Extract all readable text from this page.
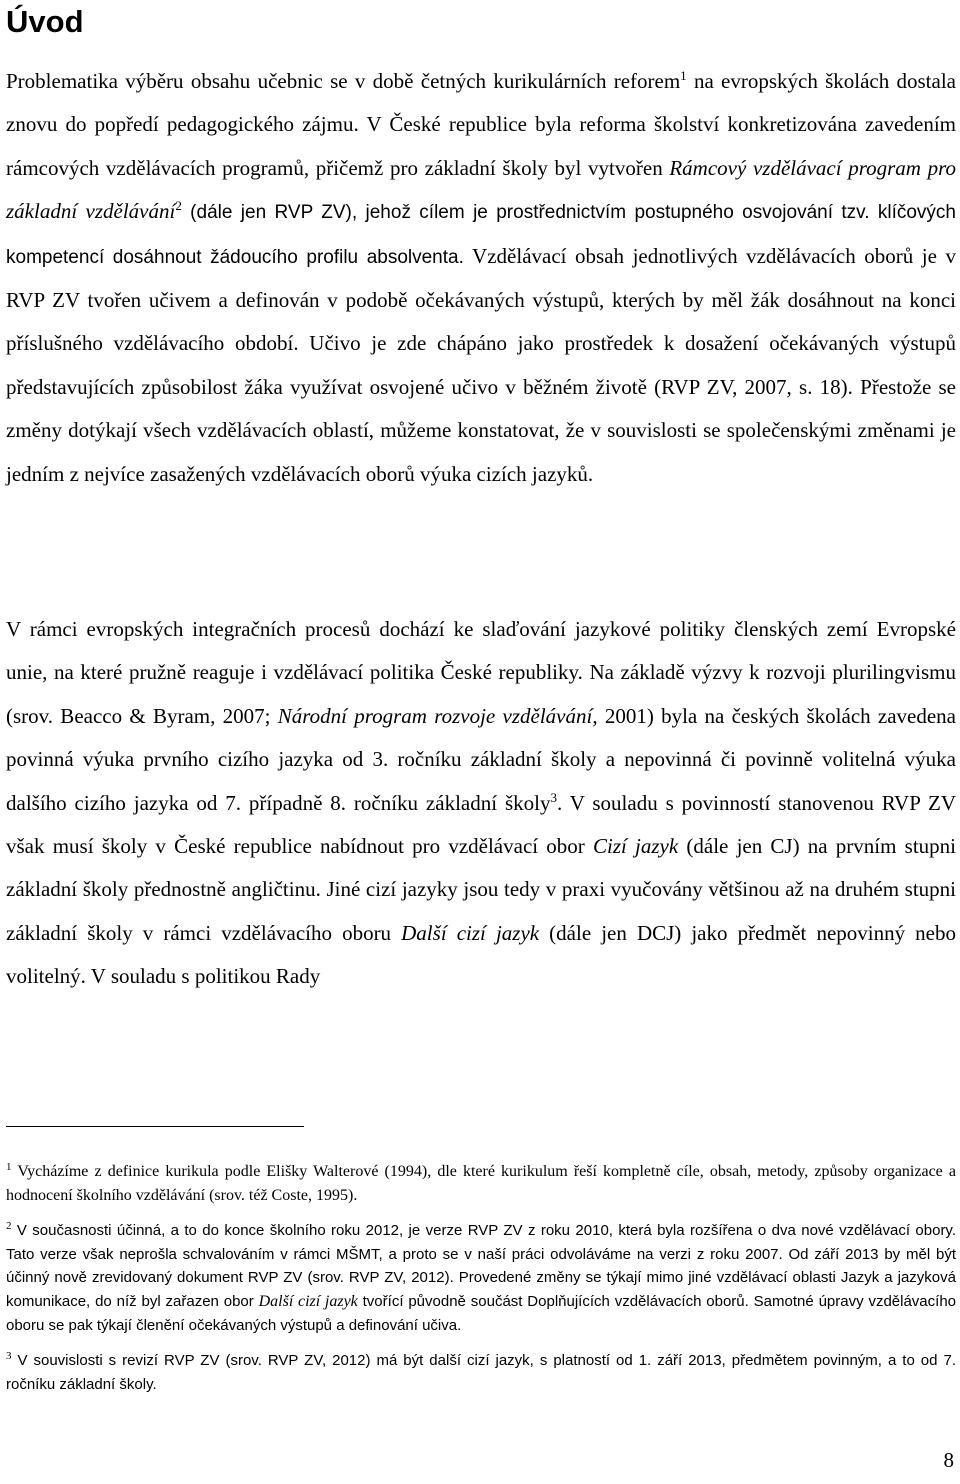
Úvod

Problematika výběru obsahu učebnic se v době četných kurikulárních reforem$^1$ na evropských školách dostala znovu do popředí pedagogického zájmu. V České republice byla reforma školství konkretizována zavedením rámcových vzdělávacích programů, přičemž pro základní školy byl vytvořen Rámcový vzdělávací program pro základní vzdělávání$^2$ (dále jen RVP ZV), jehož cílem je prostřednictvím postupného osvojování tzv. klíčových kompetencí dosáhnout žádoucího profilu absolventa. Vzdělávací obsah jednotlivých vzdělávacích oborů je v RVP ZV tvořen učivem a definován v podobě očekávaných výstupů, kterých by měl žák dosáhnout na konci příslušného vzdělávacího období. Učivo je zde chápáno jako prostředek k dosažení očekávaných výstupů představujících způsobilost žáka využívat osvojené učivo v běžném životě (RVP ZV, 2007, s. 18). Přestože se změny dotýkají všech vzdělávacích oblastí, můžeme konstatovat, že v souvislosti se společenskými změnami je jedním z nejvíce zasažených vzdělávacích oborů výuka cizích jazyků.

V rámci evropských integračních procesů dochází ke slaďování jazykové politiky členských zemí Evropské unie, na které pružně reaguje i vzdělávací politika České republiky. Na základě výzvy k rozvoji plurilingvismu (srov. Beacco & Byram, 2007; Národní program rozvoje vzdělávání, 2001) byla na českých školách zavedena povinná výuka prvního cizího jazyka od 3. ročníku základní školy a nepovinná či povinně volitelná výuka dalšího cizího jazyka od 7. případně 8. ročníku základní školy$^3$. V souladu s povinností stanovenou RVP ZV však musí školy v České republice nabídnout pro vzdělávací obor Cizí jazyk (dále jen CJ) na prvním stupni základní školy přednostně angličtinu. Jiné cizí jazyky jsou tedy v praxi vyučovány většinou až na druhém stupni základní školy v rámci vzdělávacího oboru Další cizí jazyk (dále jen DCJ) jako předmět nepovinný nebo volitelný. V souladu s politikou Rady

$^1$ Vycházíme z definice kurikula podle Elišky Walterové (1994), dle které kurikulum řeší kompletně cíle, obsah, metody, způsoby organizace a hodnocení školního vzdělávání (srov. též Coste, 1995).

$^2$ V současnosti účinná, a to do konce školního roku 2012, je verze RVP ZV z roku 2010, která byla rozšířena o dva nové vzdělávací obory. Tato verze však neprošla schvalováním v rámci MŠMT, a proto se v naší práci odvoláváme na verzi z roku 2007. Od září 2013 by měl být účinný nově zrevidovaný dokument RVP ZV (srov. RVP ZV, 2012). Provedené změny se týkají mimo jiné vzdělávací oblasti Jazyk a jazyková komunikace, do níž byl zařazen obor Další cizí jazyk tvořící původně součást Doplňujících vzdělávacích oborů. Samotné úpravy vzdělávacího oboru se pak týkají členění očekávaných výstupů a definování učiva.

$^3$ V souvislosti s revizí RVP ZV (srov. RVP ZV, 2012) má být další cizí jazyk, s platností od 1. září 2013, předmětem povinným, a to od 7. ročníku základní školy.

8
